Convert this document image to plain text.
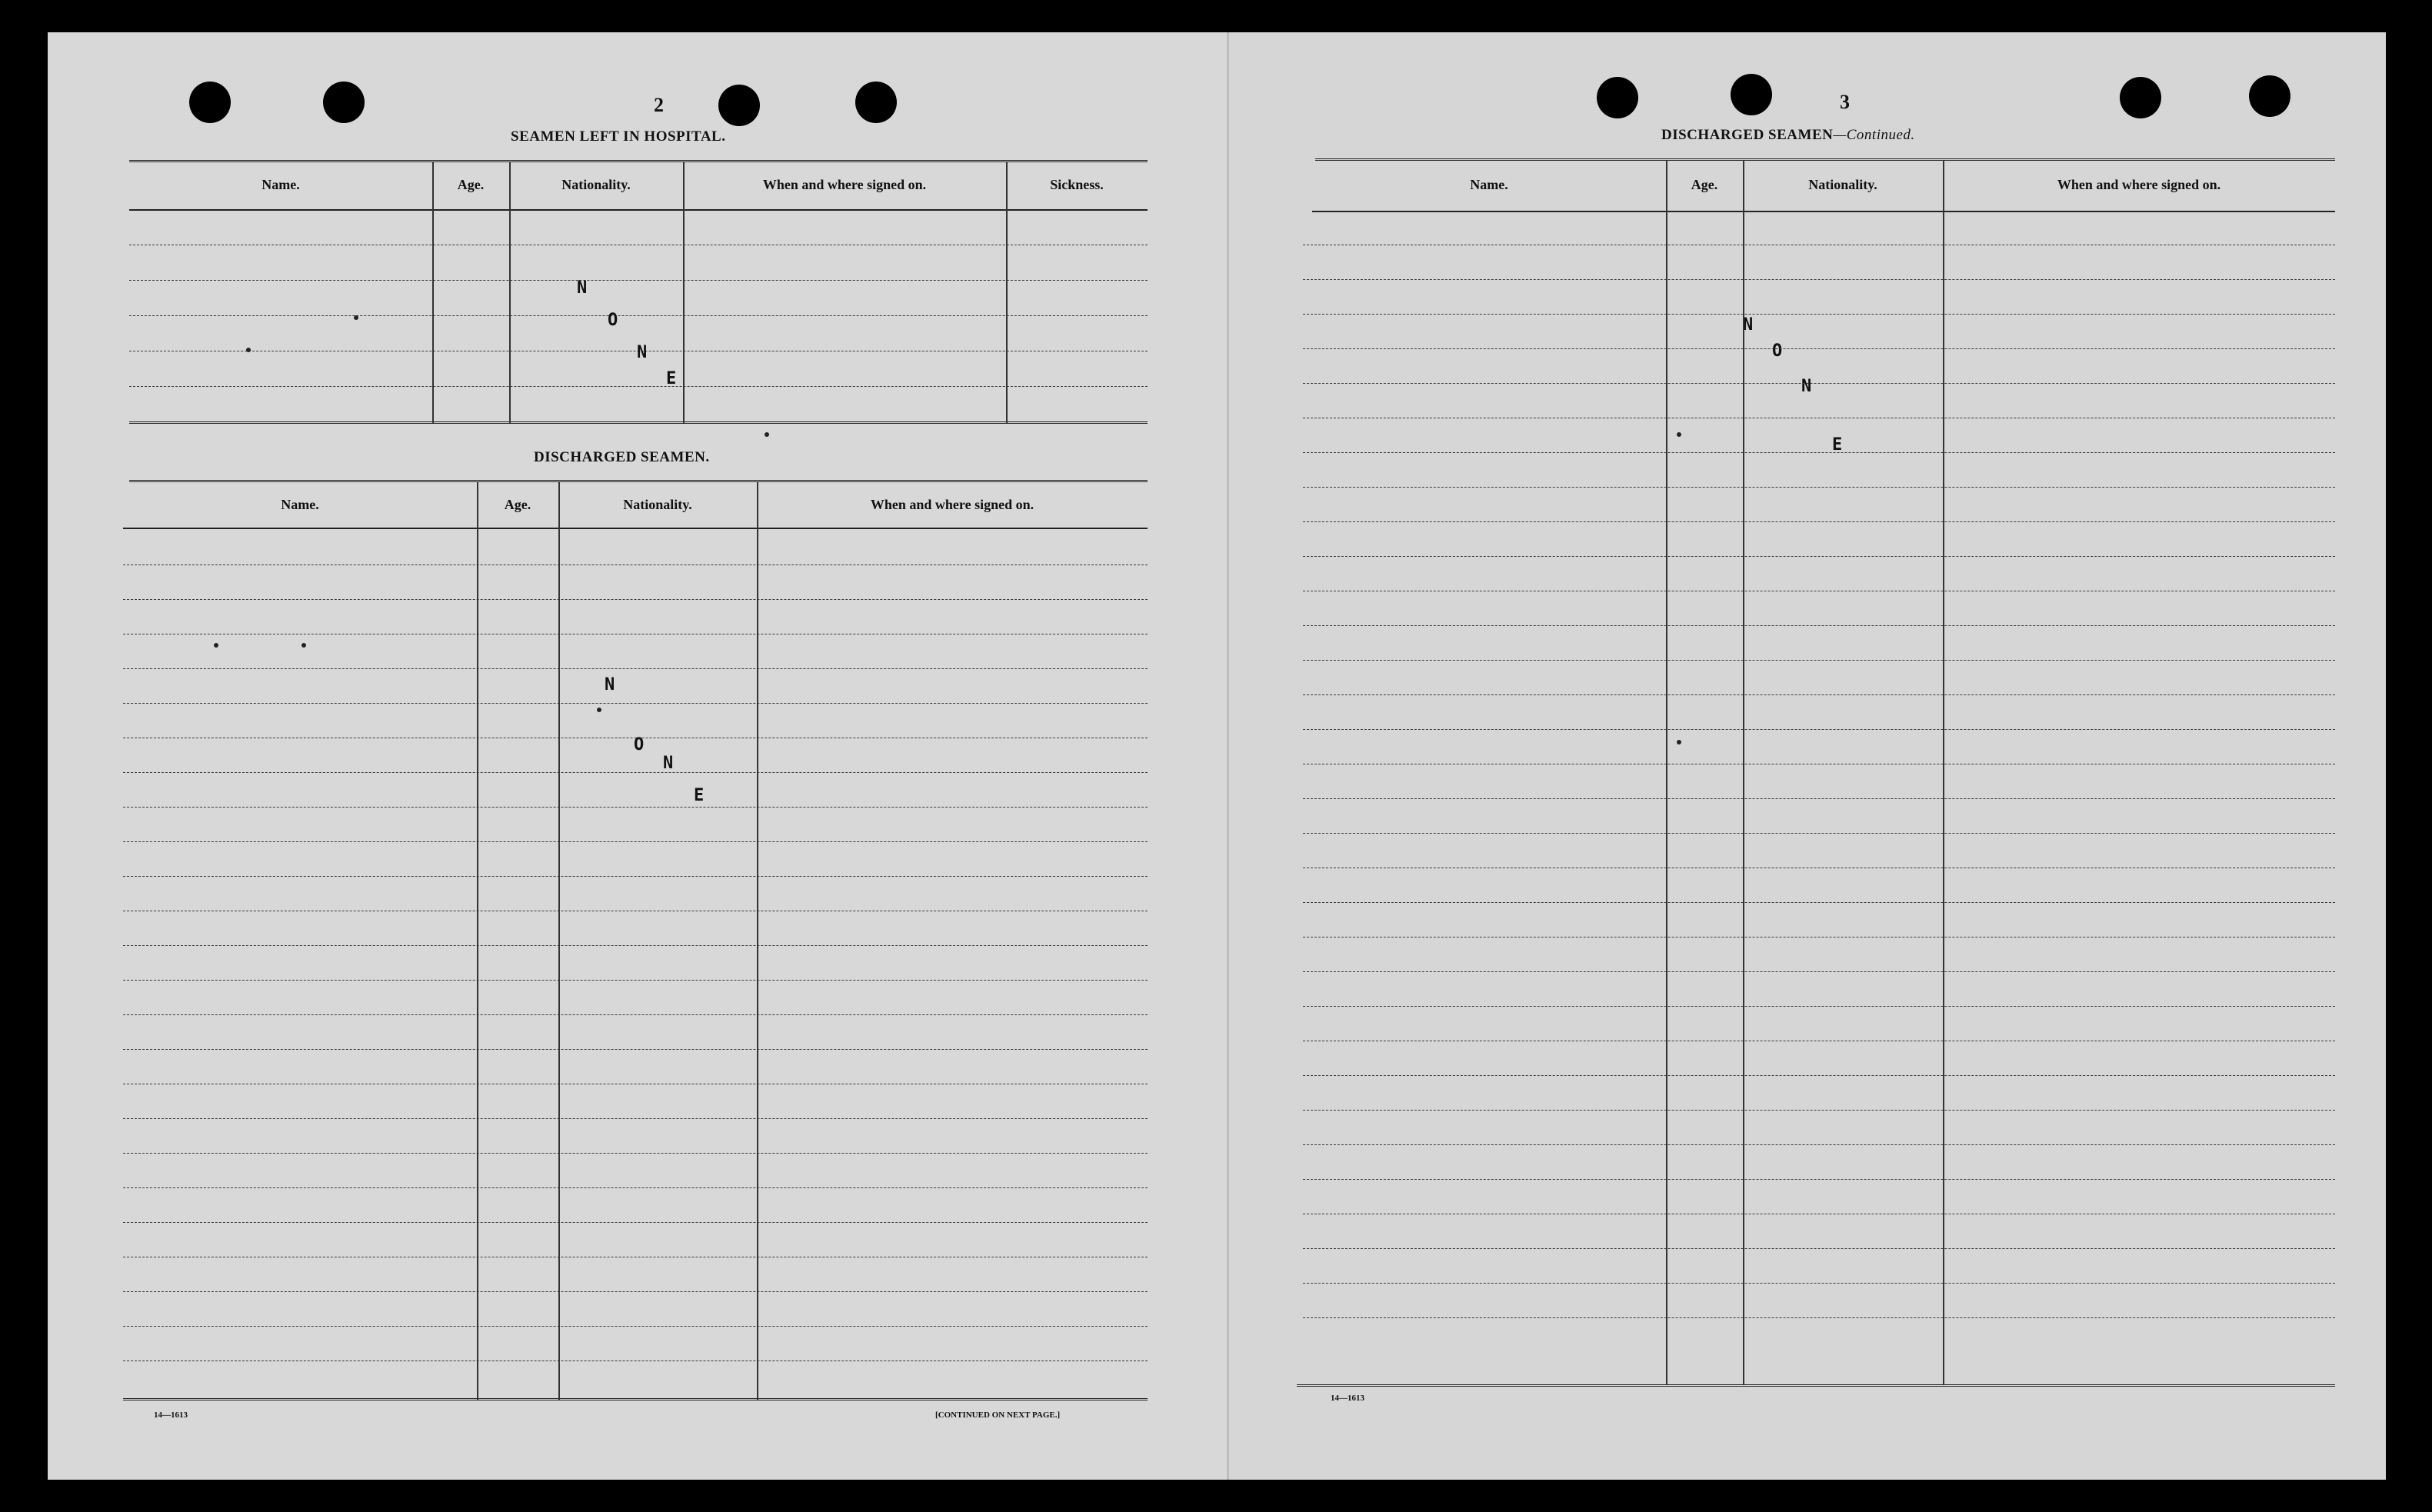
2
SEAMEN LEFT IN HOSPITAL.
Name.	Age.	Nationality.	When and where signed on.	Sickness.
N
O
N
E
DISCHARGED SEAMEN.
Name.	Age.	Nationality.	When and where signed on.
N
O
N
E
14—1613	[CONTINUED ON NEXT PAGE.]
3
DISCHARGED SEAMEN—Continued.
Name.	Age.	Nationality.	When and where signed on.
N
O
N
E
14—1613
